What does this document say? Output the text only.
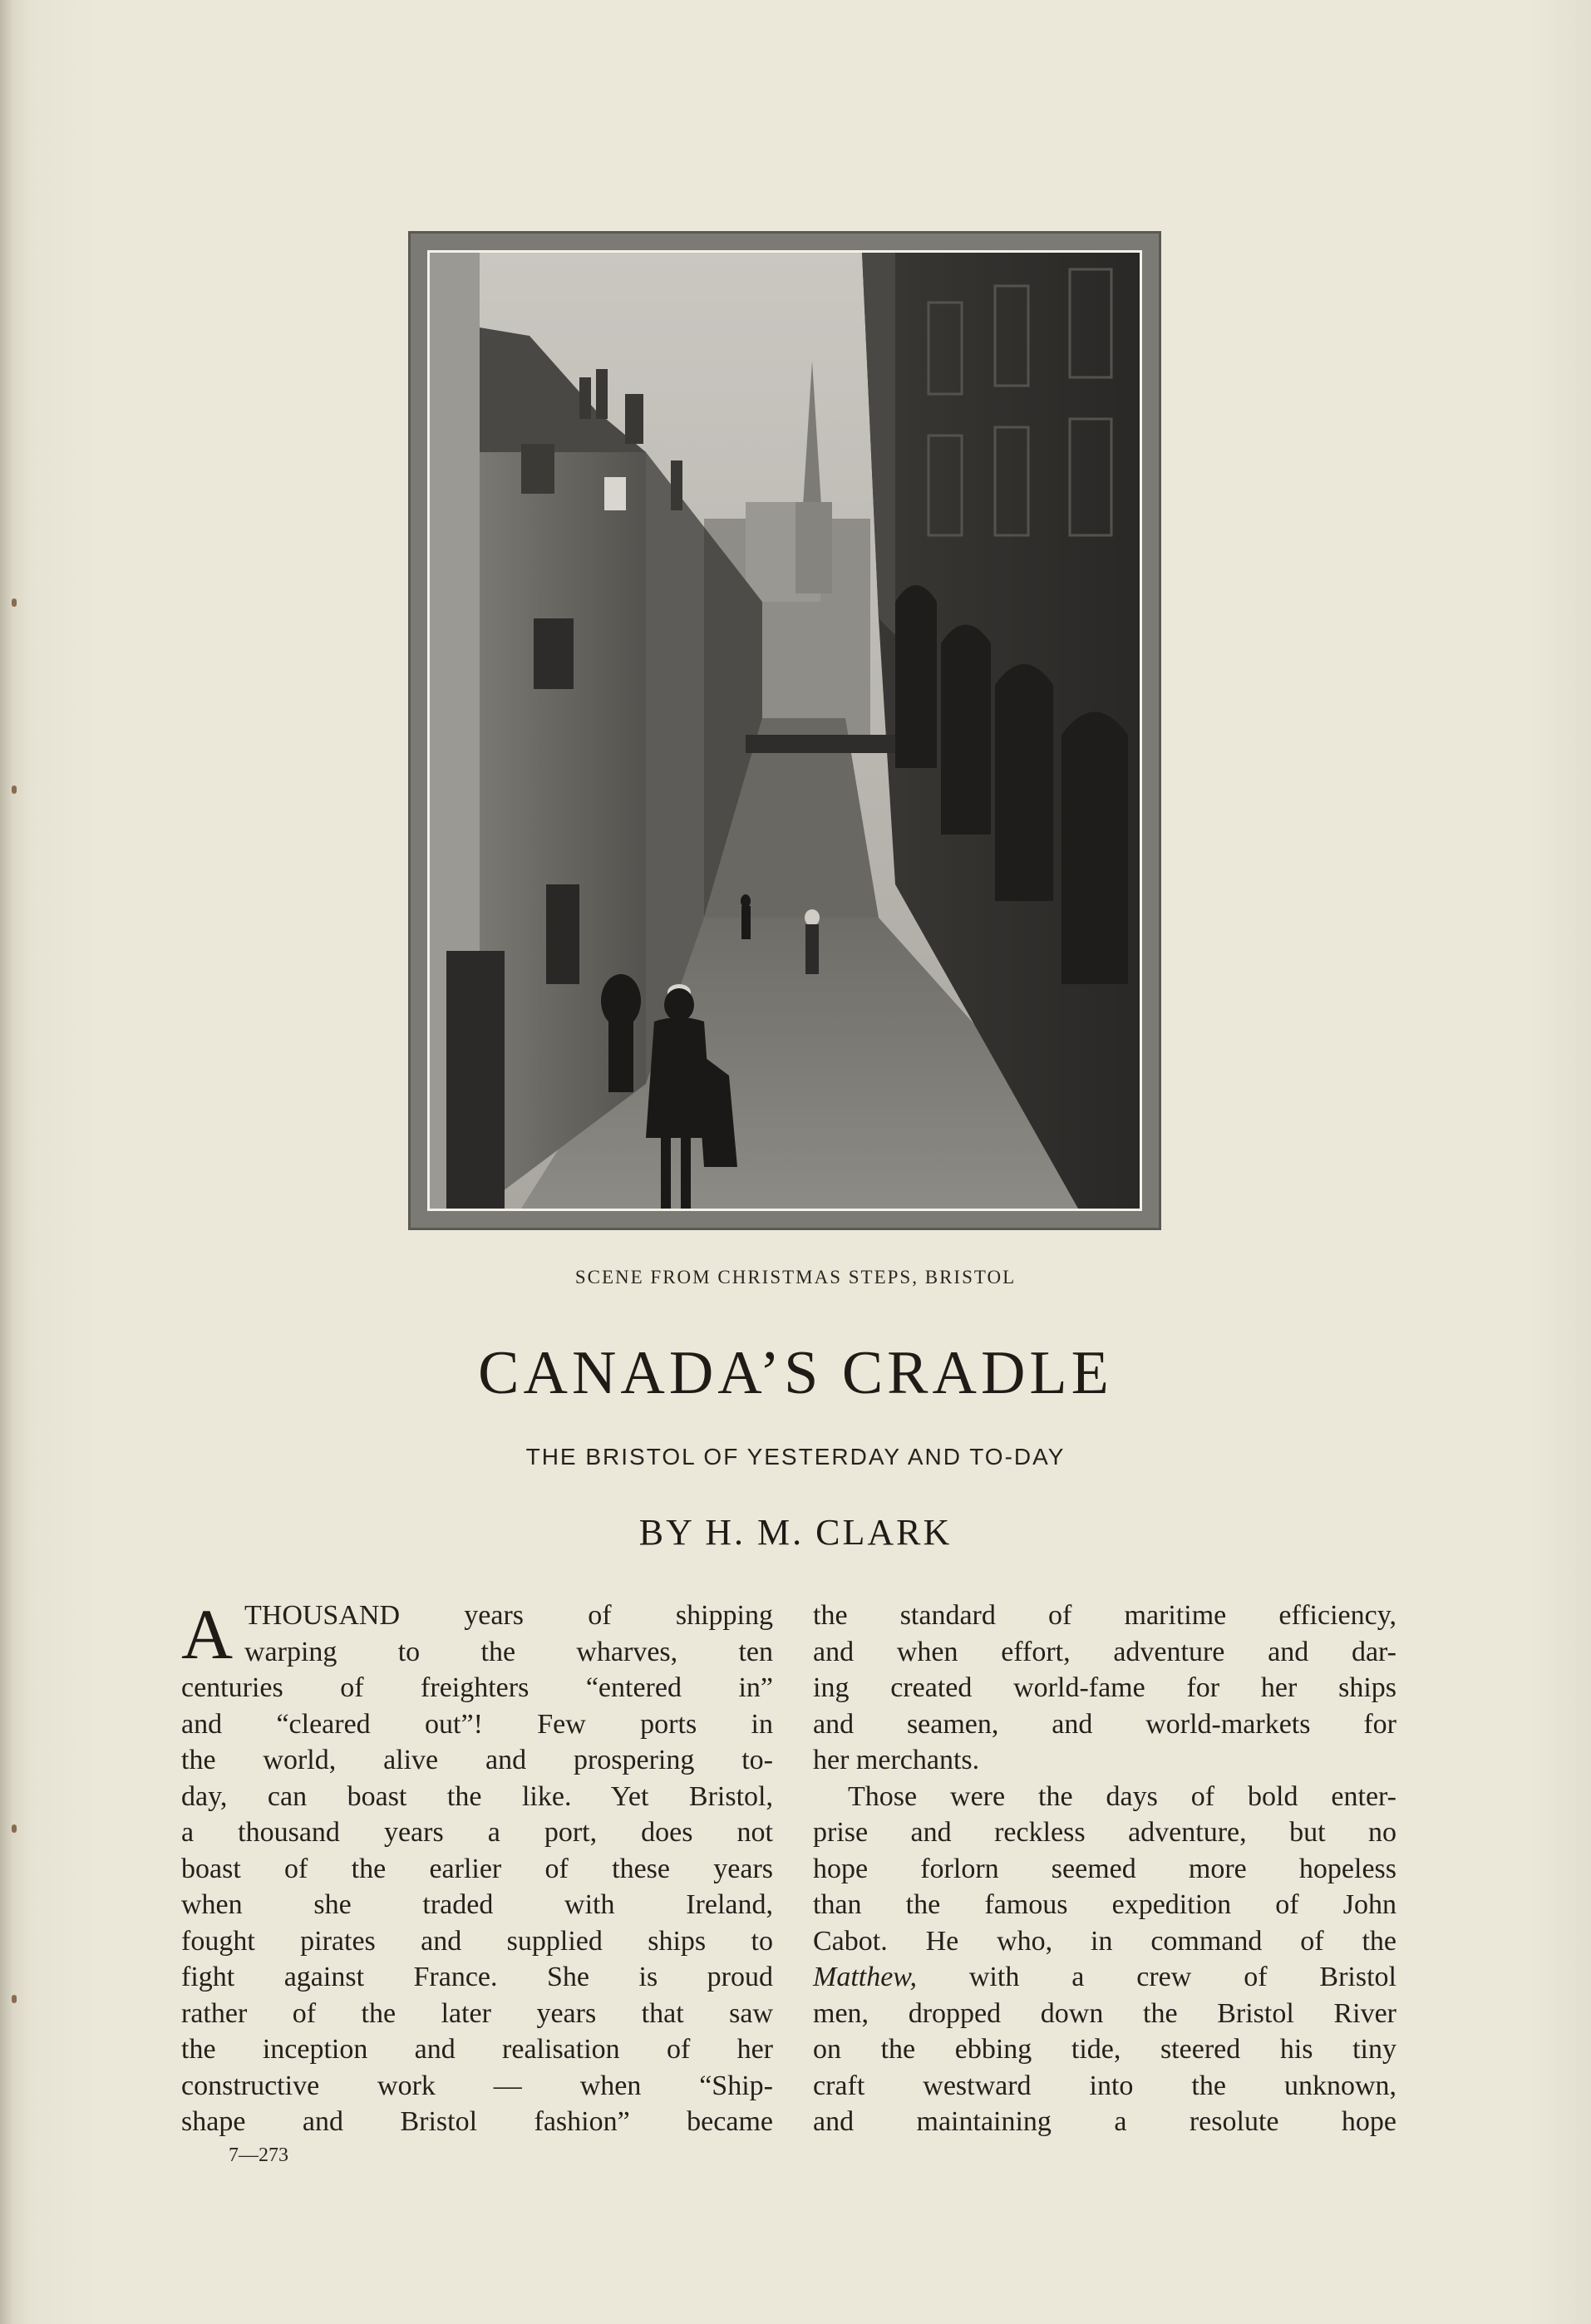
SCENE FROM CHRISTMAS STEPS, BRISTOL
CANADA’S CRADLE
THE BRISTOL OF YESTERDAY AND TO-DAY
BY H. M. CLARK
A THOUSAND years of shipping
warping to the wharves, ten
centuries of freighters “entered in”
and “cleared out”! Few ports in
the world, alive and prospering to-
day, can boast the like. Yet Bristol,
a thousand years a port, does not
boast of the earlier of these years
when she traded with Ireland,
fought pirates and supplied ships to
fight against France. She is proud
rather of the later years that saw
the inception and realisation of her
constructive work — when “Ship-
shape and Bristol fashion” became

the standard of maritime efficiency,
and when effort, adventure and dar-
ing created world-fame for her ships
and seamen, and world-markets for
her merchants.

Those were the days of bold enter-
prise and reckless adventure, but no
hope forlorn seemed more hopeless
than the famous expedition of John
Cabot. He who, in command of the
Matthew, with a crew of Bristol
men, dropped down the Bristol River
on the ebbing tide, steered his tiny
craft westward into the unknown,
and maintaining a resolute hope

7—273
